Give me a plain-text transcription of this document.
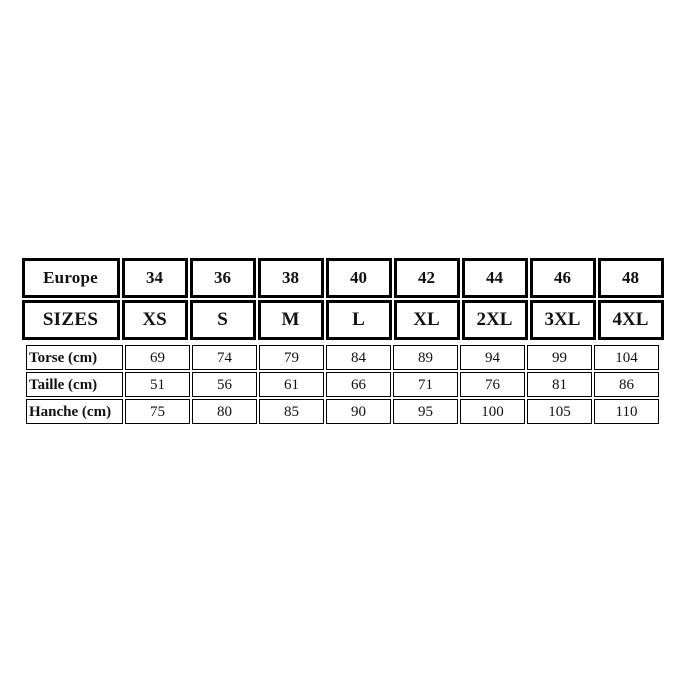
Europe	34	36	38	40	42	44	46	48
SIZES	XS	S	M	L	XL	2XL	3XL	4XL
Torse (cm)	69	74	79	84	89	94	99	104
Taille (cm)	51	56	61	66	71	76	81	86
Hanche (cm)	75	80	85	90	95	100	105	110
